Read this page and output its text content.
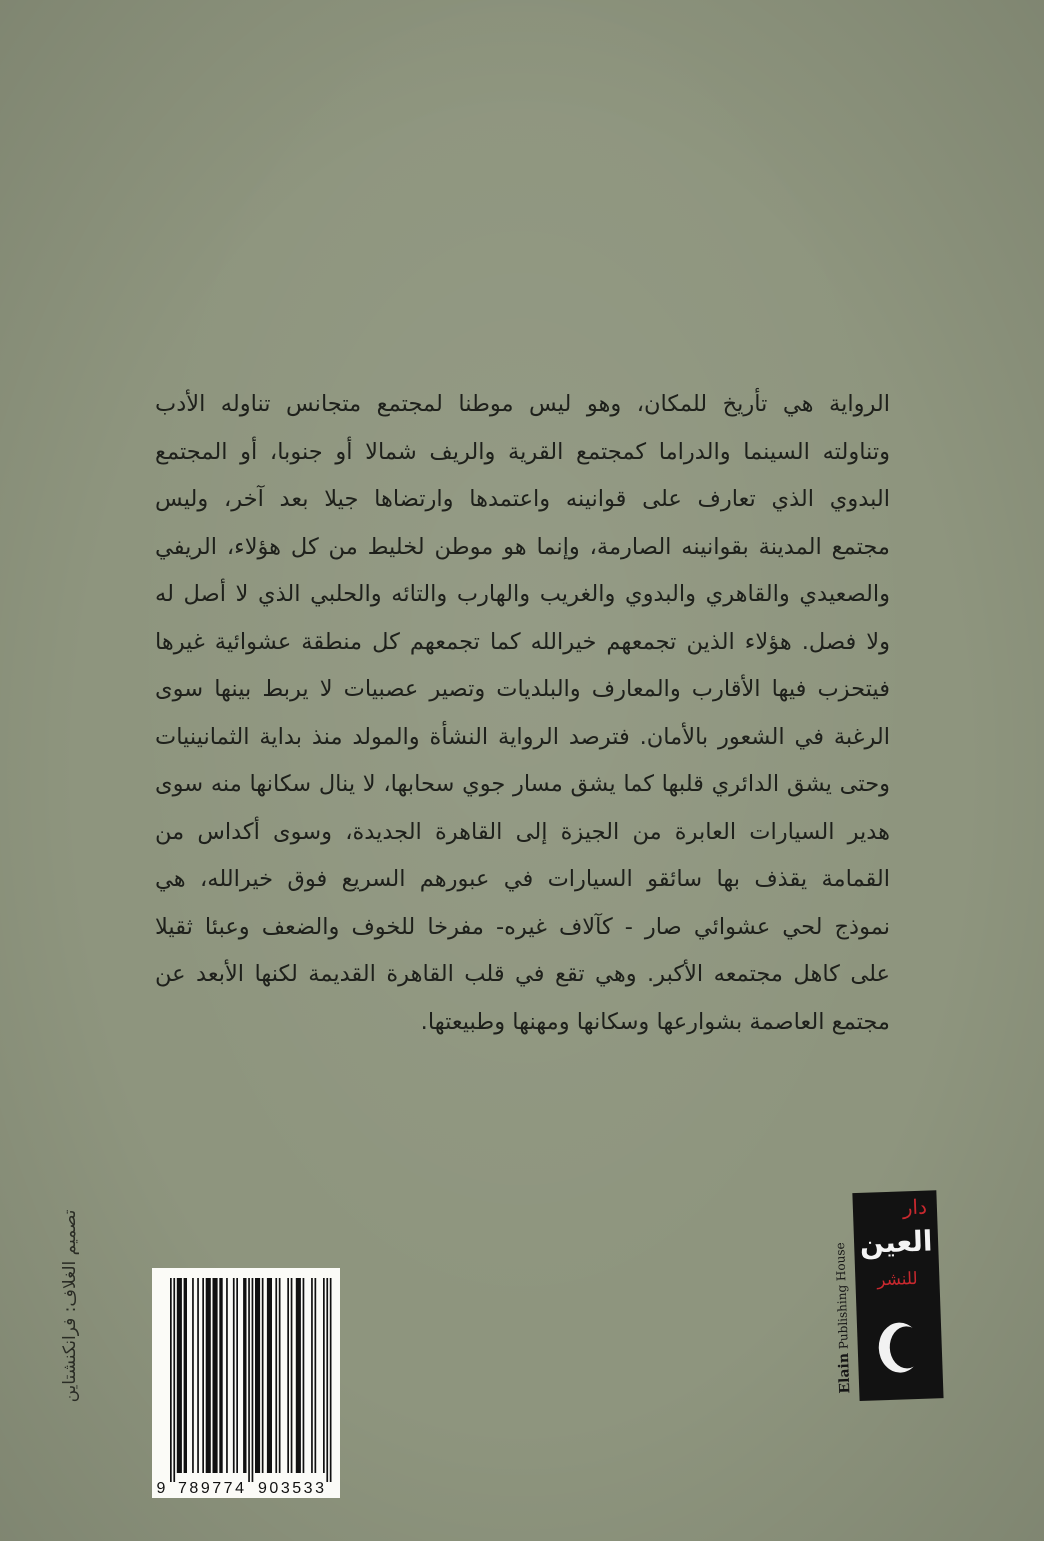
الرواية هي تأريخ للمكان، وهو ليس موطنا لمجتمع متجانس تناوله الأدب
وتناولته السينما والدراما كمجتمع القرية والريف شمالا أو جنوبا، أو المجتمع
البدوي الذي تعارف على قوانينه واعتمدها وارتضاها جيلا بعد آخر، وليس
مجتمع المدينة بقوانينه الصارمة، وإنما هو موطن لخليط من كل هؤلاء، الريفي
والصعيدي والقاهري والبدوي والغريب والهارب والتائه والحلبي الذي لا أصل له
ولا فصل. هؤلاء الذين تجمعهم خيرالله كما تجمعهم كل منطقة عشوائية غيرها
فيتحزب فيها الأقارب والمعارف والبلديات وتصير عصبيات لا يربط بينها سوى
الرغبة في الشعور بالأمان. فترصد الرواية النشأة والمولد منذ بداية الثمانينيات
وحتى يشق الدائري قلبها كما يشق مسار جوي سحابها، لا ينال سكانها منه سوى
هدير السيارات العابرة من الجيزة إلى القاهرة الجديدة، وسوى أكداس من
القمامة يقذف بها سائقو السيارات في عبورهم السريع فوق خيرالله، هي
نموذج لحي عشوائي صار - كآلاف غيره- مفرخا للخوف والضعف وعبئا ثقيلا
على كاهل مجتمعه الأكبر. وهي تقع في قلب القاهرة القديمة لكنها الأبعد عن
مجتمع العاصمة بشوارعها وسكانها ومهنها وطبيعتها.
تصميم الغلاف: فرانكنشتاين
9 789774 903533
Elain Publishing House
دار
العين
للنشر
